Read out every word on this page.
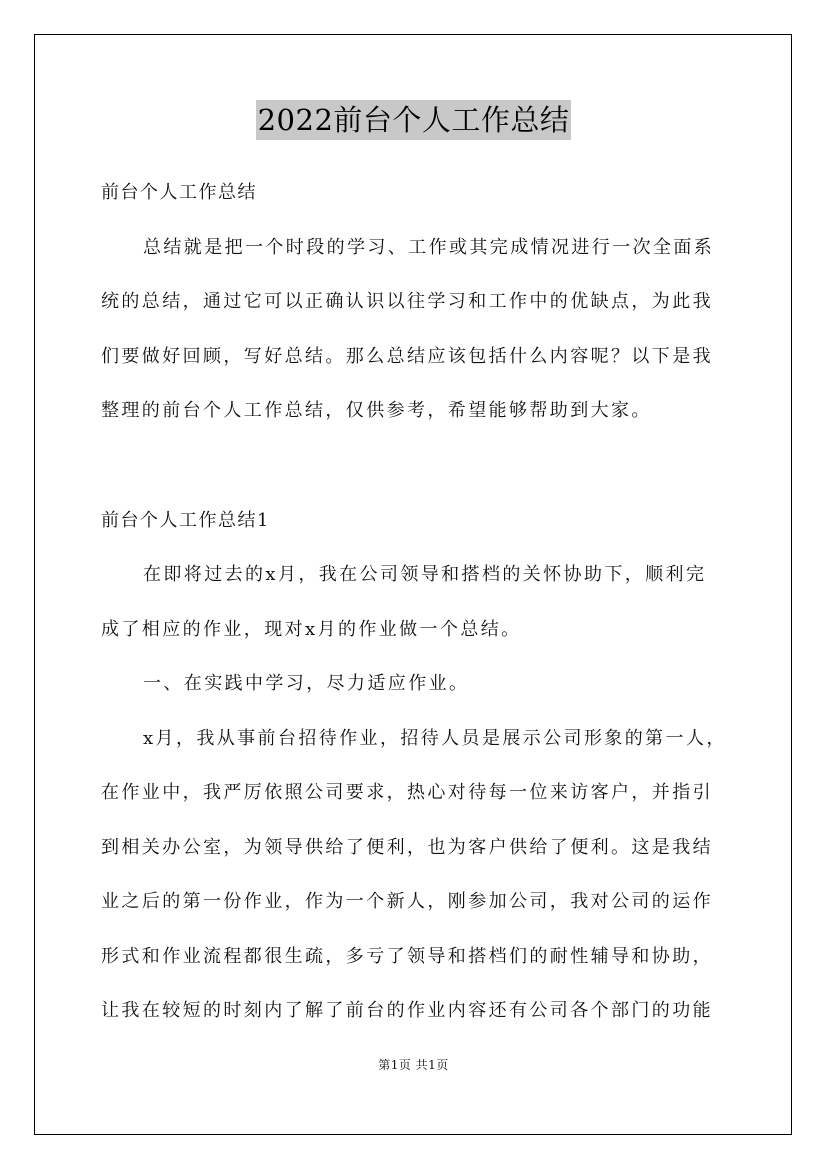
2022前台个人工作总结
前台个人工作总结
总结就是把一个时段的学习、工作或其完成情况进行一次全面系
统的总结，通过它可以正确认识以往学习和工作中的优缺点，为此我
们要做好回顾，写好总结。那么总结应该包括什么内容呢？以下是我
整理的前台个人工作总结，仅供参考，希望能够帮助到大家。
前台个人工作总结1
在即将过去的x月，我在公司领导和搭档的关怀协助下，顺利完
成了相应的作业，现对x月的作业做一个总结。
一、在实践中学习，尽力适应作业。
x月，我从事前台招待作业，招待人员是展示公司形象的第一人，
在作业中，我严厉依照公司要求，热心对待每一位来访客户，并指引
到相关办公室，为领导供给了便利，也为客户供给了便利。这是我结
业之后的第一份作业，作为一个新人，刚参加公司，我对公司的运作
形式和作业流程都很生疏，多亏了领导和搭档们的耐性辅导和协助，
让我在较短的时刻内了解了前台的作业内容还有公司各个部门的功能
第1页 共1页
